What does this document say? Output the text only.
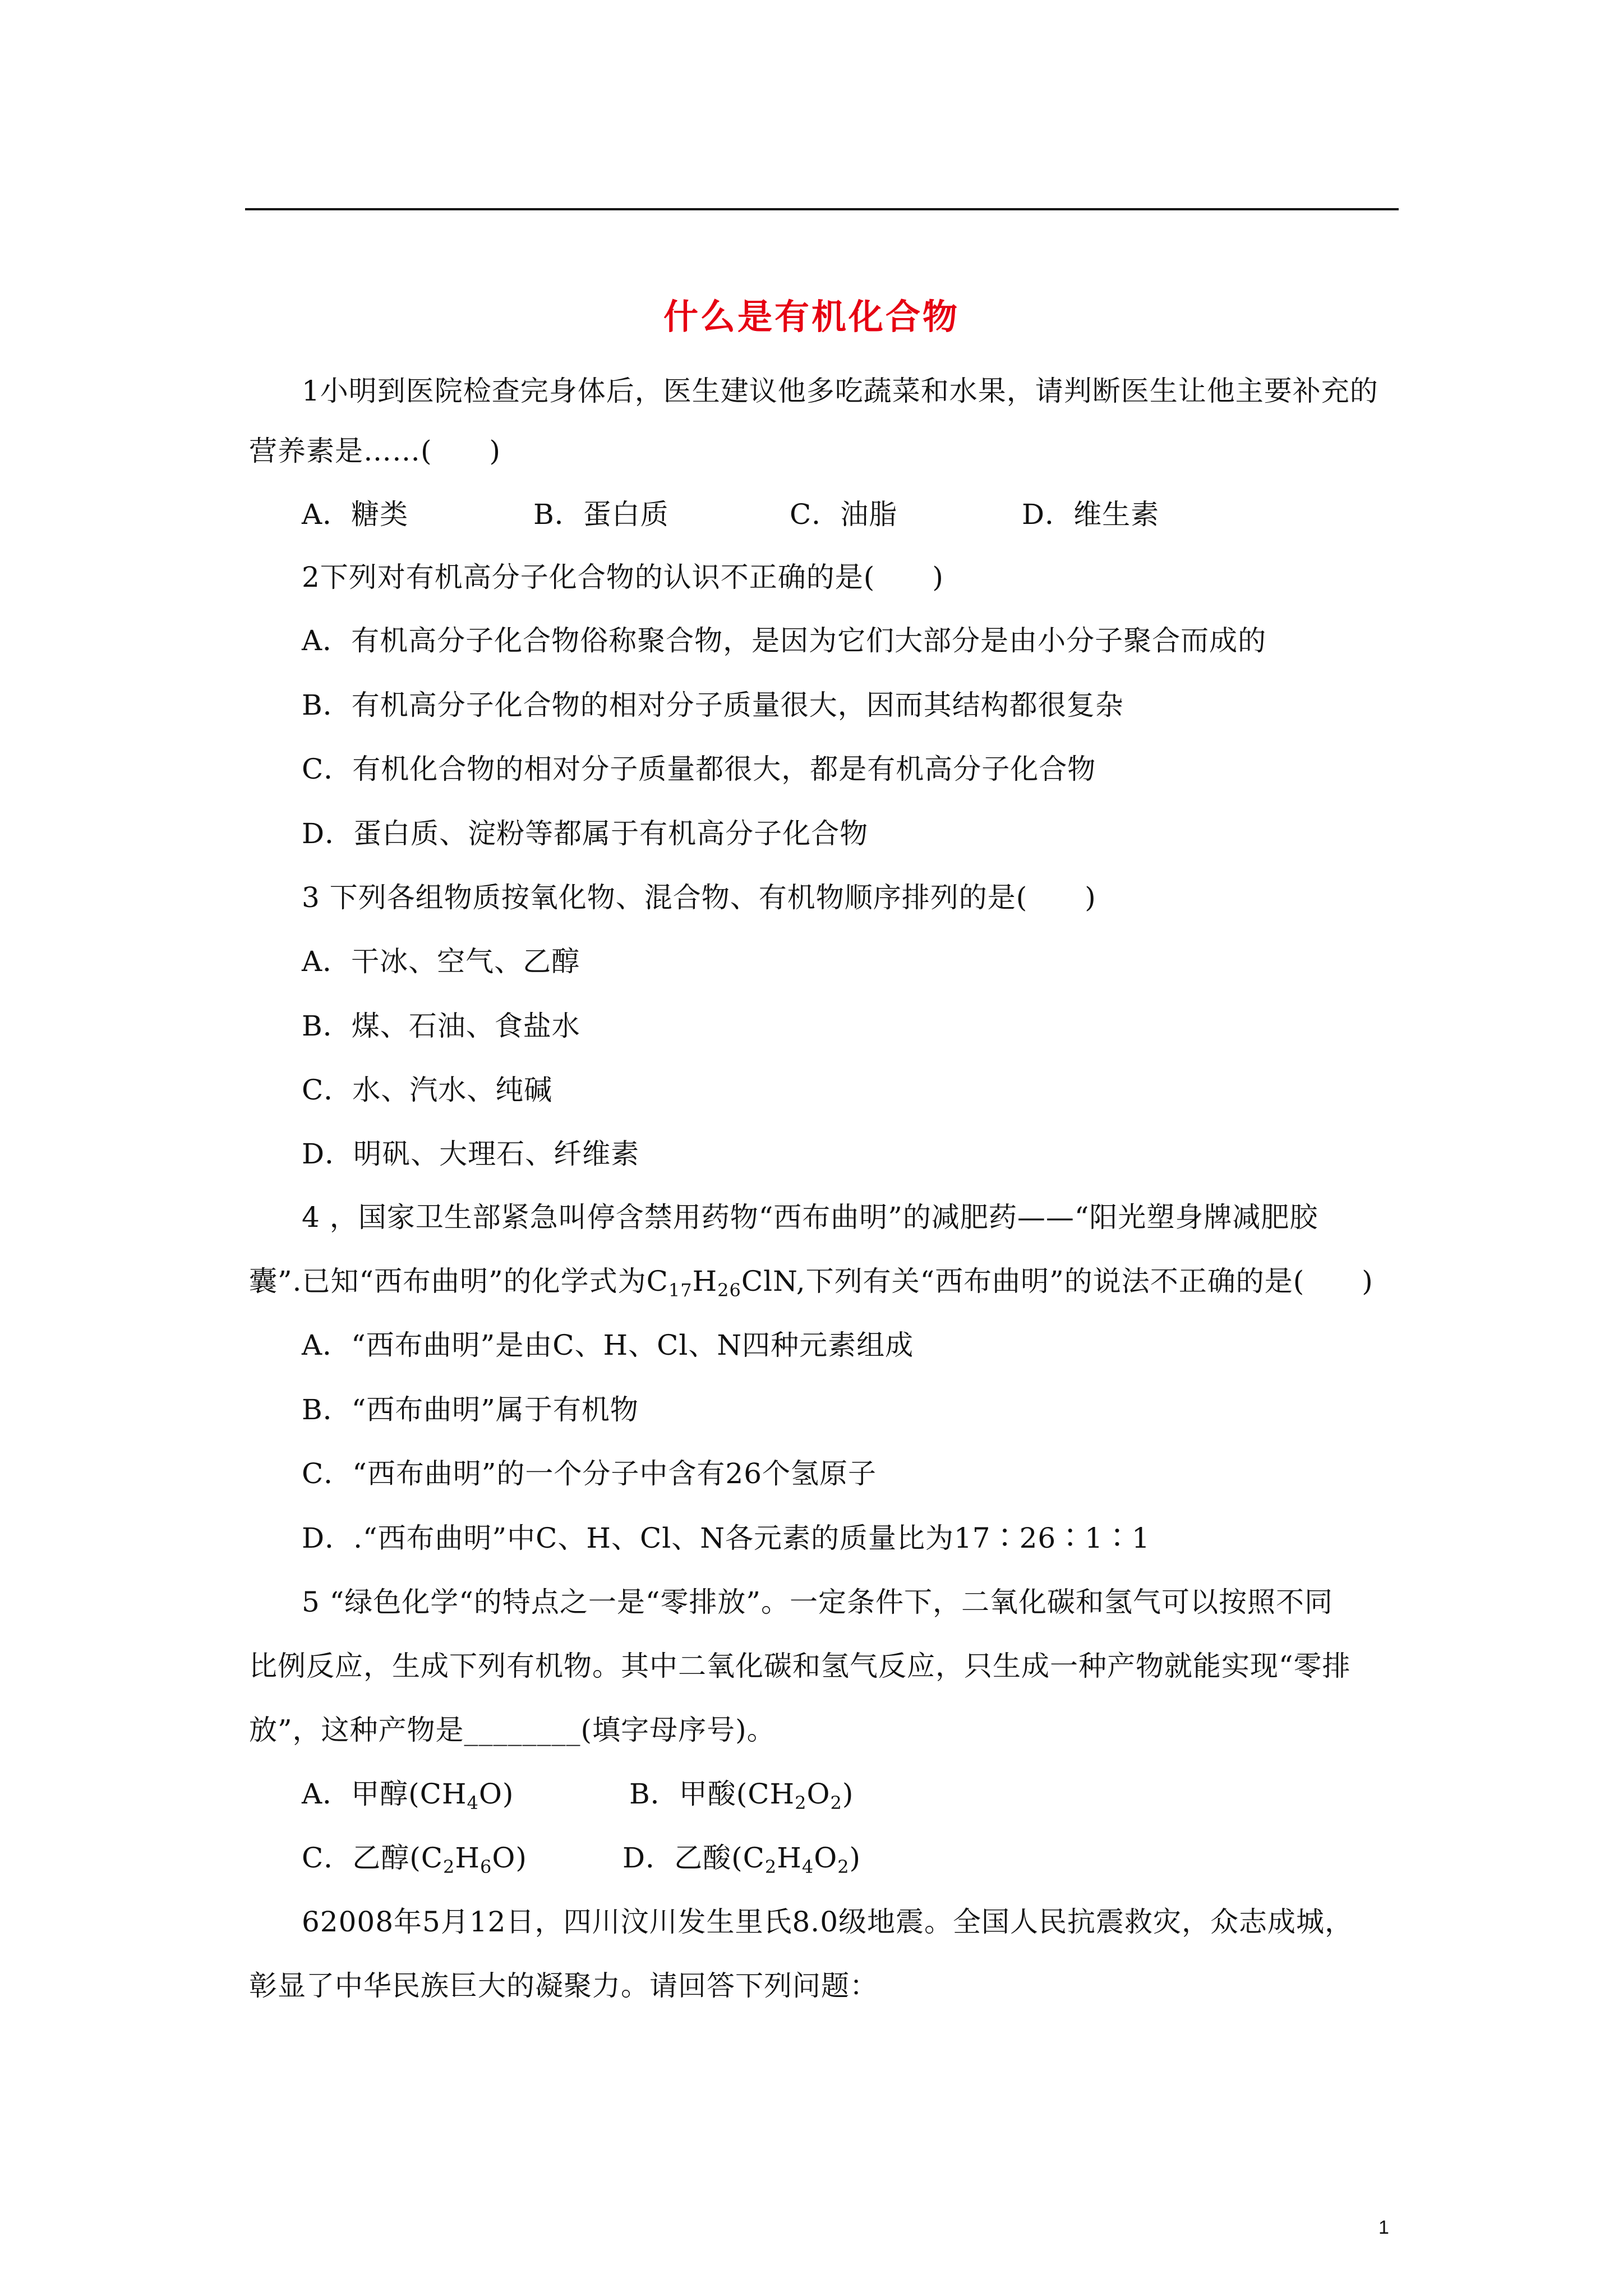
什么是有机化合物
1小明到医院检查完身体后，医生建议他多吃蔬菜和水果，请判断医生让他主要补充的
营养素是……(　　)
A．糖类	B．蛋白质	C．油脂	D．维生素
2下列对有机高分子化合物的认识不正确的是(　　)
A．有机高分子化合物俗称聚合物，是因为它们大部分是由小分子聚合而成的
B．有机高分子化合物的相对分子质量很大，因而其结构都很复杂
C．有机化合物的相对分子质量都很大，都是有机高分子化合物
D．蛋白质、淀粉等都属于有机高分子化合物
3 下列各组物质按氧化物、混合物、有机物顺序排列的是(　　)
A．干冰、空气、乙醇
B．煤、石油、食盐水
C．水、汽水、纯碱
D．明矾、大理石、纤维素
4 ，国家卫生部紧急叫停含禁用药物“西布曲明”的减肥药——“阳光塑身牌减肥胶
囊”.已知“西布曲明”的化学式为$C_{17}H_{26}ClN$,下列有关“西布曲明”的说法不正确的是(　　)
A．“西布曲明”是由C、H、Cl、N四种元素组成
B．“西布曲明”属于有机物
C．“西布曲明”的一个分子中含有26个氢原子
D．.“西布曲明”中C、H、Cl、N各元素的质量比为17∶26∶1∶1
5 “绿色化学“的特点之一是“零排放”。一定条件下，二氧化碳和氢气可以按照不同
比例反应，生成下列有机物。其中二氧化碳和氢气反应，只生成一种产物就能实现“零排
放”，这种产物是________(填字母序号)。
A．甲醇$(CH_4O)$	B．甲酸$(CH_2O_2)$
C．乙醇$(C_2H_6O)$	D．乙酸$(C_2H_4O_2)$
62008年5月12日，四川汶川发生里氏8.0级地震。全国人民抗震救灾，众志成城，
彰显了中华民族巨大的凝聚力。请回答下列问题：
1
